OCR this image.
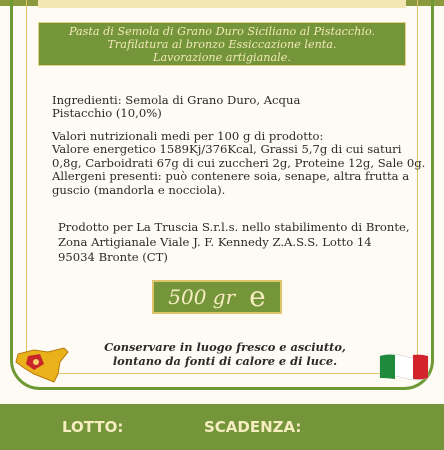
Pasta di Semola di Grano Duro Siciliano al Pistacchio.
Trafilatura al bronzo Essiccazione lenta.
Lavorazione artigianale.
Ingredienti: Semola di Grano Duro, Acqua
Pistacchio (10,0%)
Valori nutrizionali medi per 100 g di prodotto:
Valore energetico 1589Kj/376Kcal, Grassi 5,7g di cui saturi
0,8g, Carboidrati 67g di cui zuccheri 2g, Proteine 12g, Sale 0g.
Allergeni presenti: può contenere soia, senape, altra frutta a
guscio (mandorla e nocciola).
Prodotto per La Truscia S.r.l.s. nello stabilimento di Bronte,
Zona Artigianale Viale J. F. Kennedy Z.A.S.S. Lotto 14
95034 Bronte (CT)
500 gr e
Conservare in luogo fresco e asciutto,
lontano da fonti di calore e di luce.
LOTTO:	SCADENZA:
